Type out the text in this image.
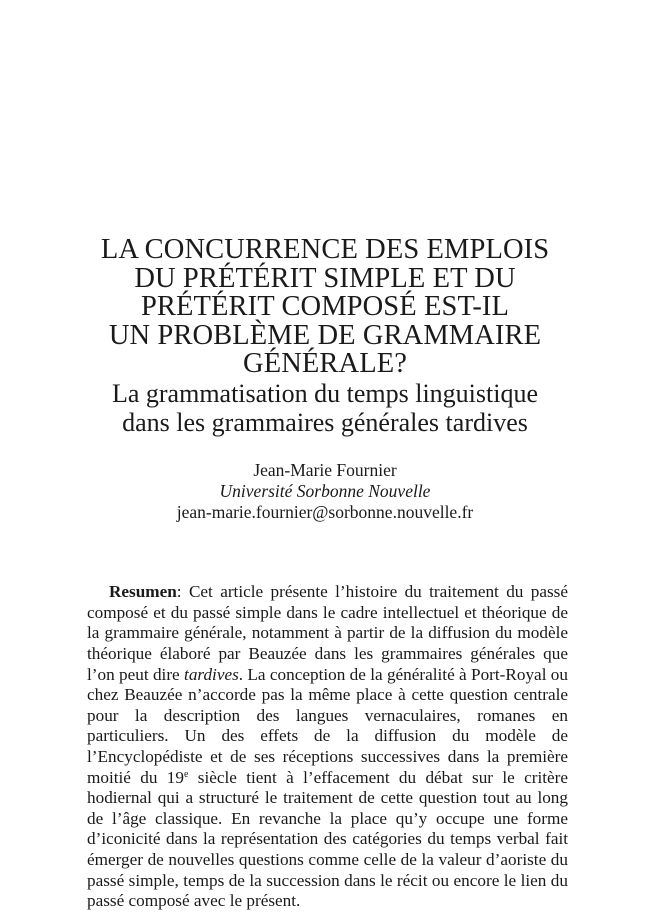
LA CONCURRENCE DES EMPLOIS
DU PRÉTÉRIT SIMPLE ET DU
PRÉTÉRIT COMPOSÉ EST-IL
UN PROBLÈME DE GRAMMAIRE
GÉNÉRALE?
La grammatisation du temps linguistique
dans les grammaires générales tardives
Jean-Marie Fournier
Université Sorbonne Nouvelle
jean-marie.fournier@sorbonne.nouvelle.fr

Resumen: Cet article présente l’histoire du traitement du passé composé et du passé simple dans le cadre intellectuel et théorique de la grammaire générale, notamment à partir de la diffusion du modèle théorique élaboré par Beauzée dans les grammaires générales que l’on peut dire tardives. La conception de la généralité à Port-Royal ou chez Beauzée n’accorde pas la même place à cette question centrale pour la description des langues vernaculaires, romanes en particuliers. Un des effets de la diffusion du modèle de l’Encyclopédiste et de ses réceptions successives dans la première moitié du 19e siècle tient à l’effacement du débat sur le critère hodiernal qui a structuré le traitement de cette question tout au long de l’âge classique. En revanche la place qu’y occupe une forme d’iconicité dans la représentation des catégories du temps verbal fait émerger de nouvelles questions comme celle de la valeur d’aoriste du passé simple, temps de la succession dans le récit ou encore le lien du passé composé avec le présent.
